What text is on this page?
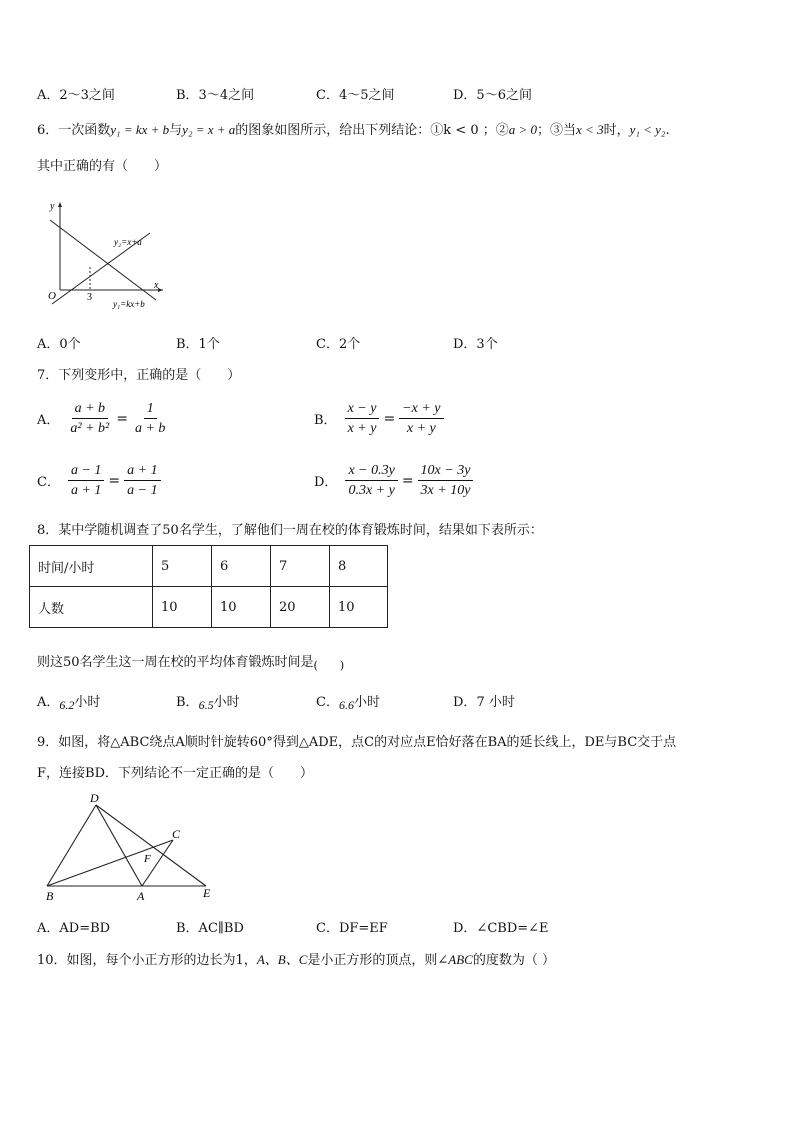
A．2～3之间	B．3～4之间	C．4～5之间	D．5～6之间
6．一次函数y₁ = kx + b与y₂ = x + a的图象如图所示，给出下列结论：①k < 0 ；②a > 0；③当x < 3时，y₁ < y₂.
其中正确的有（　　）
y
x
O	3
y₂=x+a
y₁=kx+b
A．0个	B．1个	C．2个	D．3个
7．下列变形中，正确的是（　　）
A． $\frac{a + b}{\text{a² + b²}} = \frac{1}{a + b}$	B． $\frac{x - y}{x + y} = \frac{-x + y}{x + y}$
C． $\frac{a - 1}{a + 1} = \frac{a + 1}{a - 1}$	D． $\frac{x - 0.3y}{0.3x + y} = \frac{10x - 3y}{3x + 10y}$
8．某中学随机调查了50名学生，了解他们一周在校的体育锻炼时间，结果如下表所示：
时间/小时	5	6	7	8
人数	10	10	20	10
则这50名学生这一周在校的平均体育锻炼时间是$_{( )}$
A．6.2小时	B．6.5小时	C．6.6小时	D．7 小时
9．如图，将△ABC绕点A顺时针旋转60°得到△ADE，点C的对应点E恰好落在BA的延长线上，DE与BC交于点
F，连接BD．下列结论不一定正确的是（　　）
D
C
F
B	A	E
A．AD=BD	B．AC∥BD	C．DF=EF	D．∠CBD=∠E
10．如图，每个小正方形的边长为1，A、B、C是小正方形的顶点，则∠ABC的度数为（ ）
